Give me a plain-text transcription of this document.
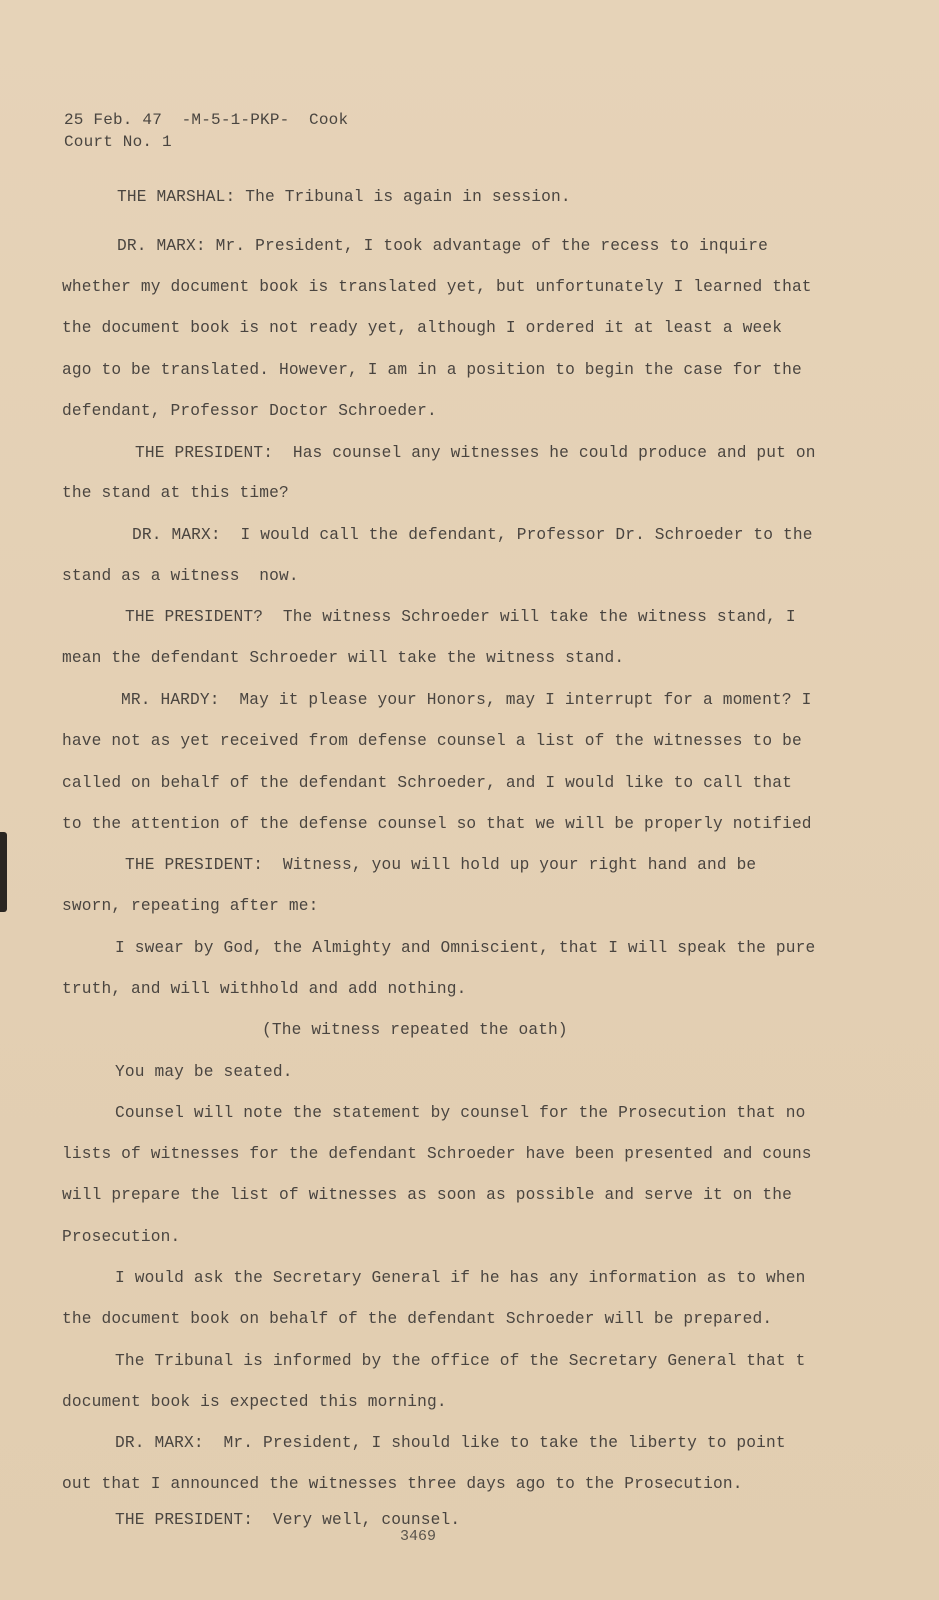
25 Feb. 47  -M-5-1-PKP-  Cook
Court No. 1
THE MARSHAL: The Tribunal is again in session.
DR. MARX: Mr. President, I took advantage of the recess to inquire
whether my document book is translated yet, but unfortunately I learned that
the document book is not ready yet, although I ordered it at least a week
ago to be translated. However, I am in a position to begin the case for the
defendant, Professor Doctor Schroeder.
THE PRESIDENT:  Has counsel any witnesses he could produce and put on
the stand at this time?
DR. MARX:  I would call the defendant, Professor Dr. Schroeder to the
stand as a witness  now.
THE PRESIDENT?  The witness Schroeder will take the witness stand, I
mean the defendant Schroeder will take the witness stand.
MR. HARDY:  May it please your Honors, may I interrupt for a moment? I
have not as yet received from defense counsel a list of the witnesses to be
called on behalf of the defendant Schroeder, and I would like to call that
to the attention of the defense counsel so that we will be properly notified
THE PRESIDENT:  Witness, you will hold up your right hand and be
sworn, repeating after me:
I swear by God, the Almighty and Omniscient, that I will speak the pure
truth, and will withhold and add nothing.
(The witness repeated the oath)
You may be seated.
Counsel will note the statement by counsel for the Prosecution that no
lists of witnesses for the defendant Schroeder have been presented and couns
will prepare the list of witnesses as soon as possible and serve it on the
Prosecution.
I would ask the Secretary General if he has any information as to when
the document book on behalf of the defendant Schroeder will be prepared.
The Tribunal is informed by the office of the Secretary General that t
document book is expected this morning.
DR. MARX:  Mr. President, I should like to take the liberty to point
out that I announced the witnesses three days ago to the Prosecution.
THE PRESIDENT:  Very well, counsel.
3469
